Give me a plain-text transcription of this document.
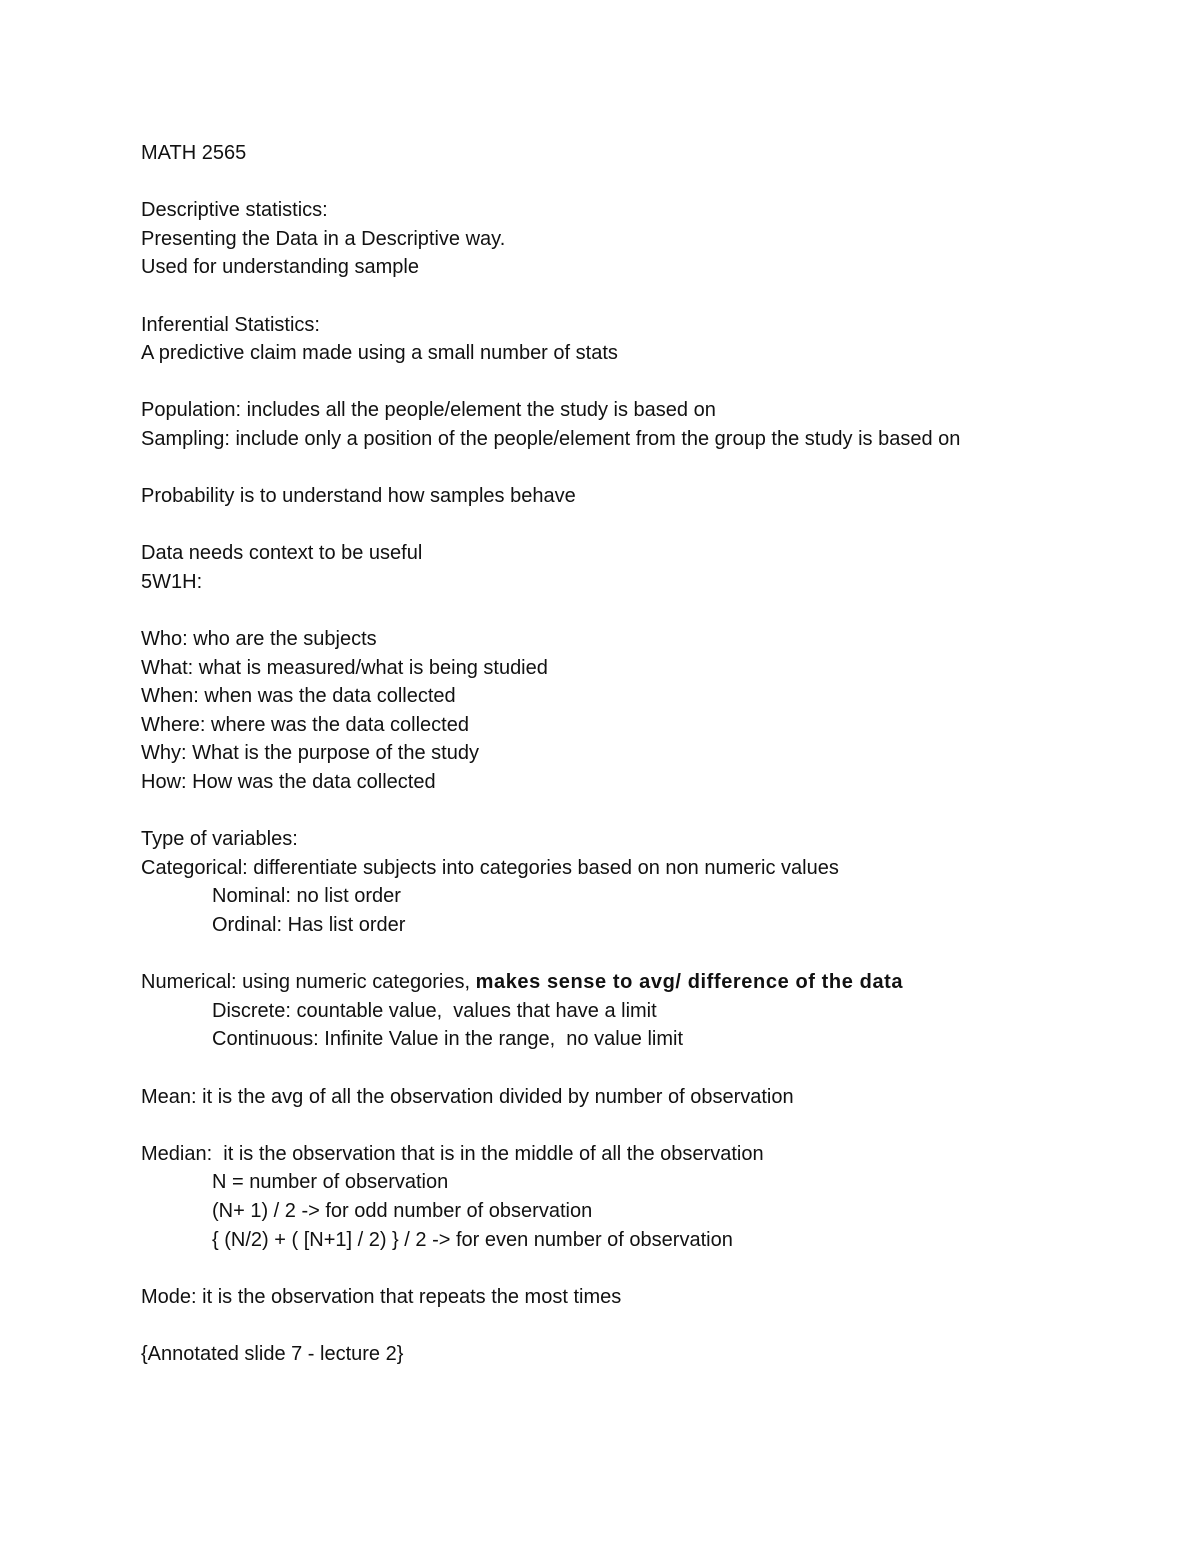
MATH 2565
Descriptive statistics:
Presenting the Data in a Descriptive way.
Used for understanding sample
Inferential Statistics:
A predictive claim made using a small number of stats
Population: includes all the people/element the study is based on
Sampling: include only a position of the people/element from the group the study is based on
Probability is to understand how samples behave
Data needs context to be useful
5W1H:
Who: who are the subjects
What: what is measured/what is being studied
When: when was the data collected
Where: where was the data collected
Why: What is the purpose of the study
How: How was the data collected
Type of variables:
Categorical: differentiate subjects into categories based on non numeric values
Nominal: no list order
Ordinal: Has list order
Numerical: using numeric categories, makes sense to avg/ difference of the data
Discrete: countable value,  values that have a limit
Continuous: Infinite Value in the range,  no value limit
Mean: it is the avg of all the observation divided by number of observation
Median:  it is the observation that is in the middle of all the observation
N = number of observation
(N+ 1) / 2 -> for odd number of observation
{ (N/2) + ( [N+1] / 2) } / 2 -> for even number of observation
Mode: it is the observation that repeats the most times
{Annotated slide 7 - lecture 2}
